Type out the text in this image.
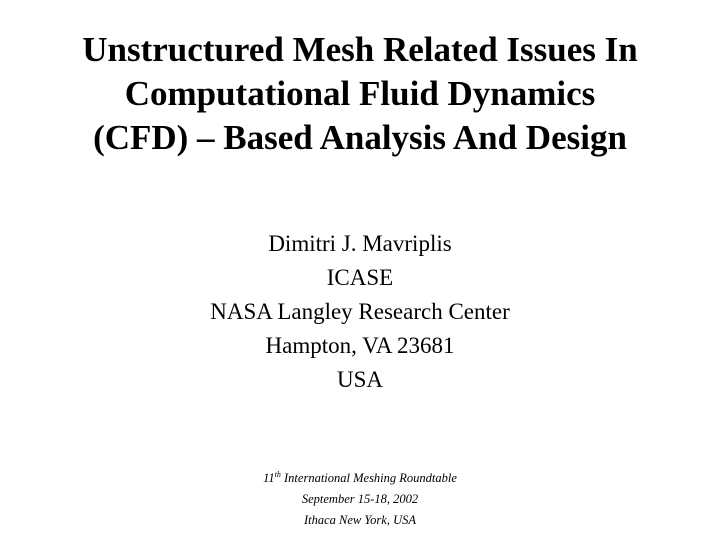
Unstructured Mesh Related Issues In
Computational Fluid Dynamics
(CFD) – Based Analysis And Design
Dimitri J. Mavriplis
ICASE
NASA Langley Research Center
Hampton, VA 23681
USA
11th International Meshing Roundtable
September 15-18, 2002
Ithaca New York, USA
